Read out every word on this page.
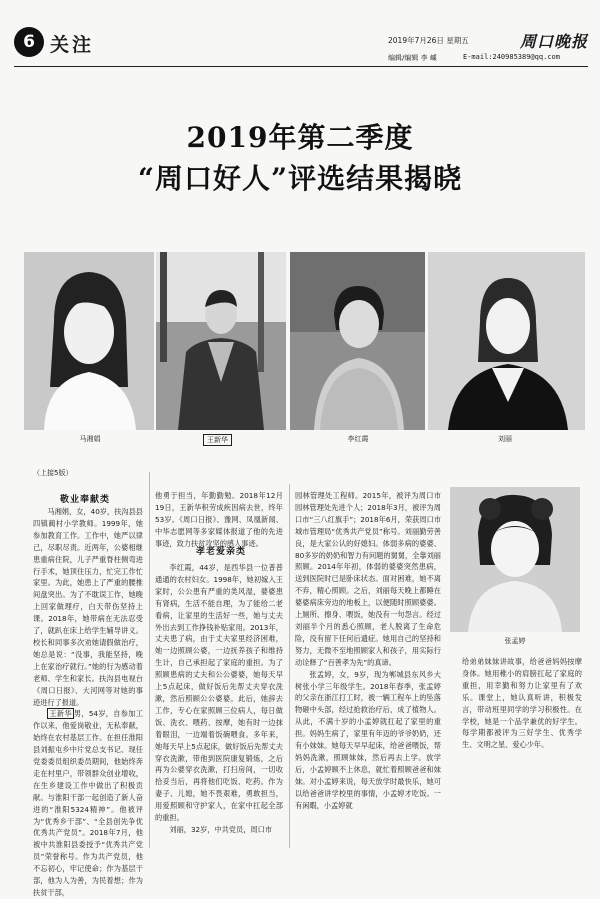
6 关注	2019年7月26日 星期五	周口晚报
编辑/编辑 李 嵊	E-mail:240985389@qq.com
2019年第二季度
“周口好人”评选结果揭晓
马湘娟	王新华	李红霞	刘丽
（上接5版）
敬业奉献类

马湘娟，女，40岁，扶沟县县四镇蔺村小学教师。1999年，她参加教育工作。工作中，她严以律己，尽职尽责。近两年，公婆相继患重病住院，儿子严重脊柱侧弯进行手术，她顶住压力，忙完工作忙家里。为此，她患上了严重的腰椎间盘突出。为了不耽误工作，她晚上回家做理疗，白天带伤坚持上课。2018年，她带病在无法忍受了，就趴在床上给学生辅导讲义。校长和同事多次劝她请假做治疗，她总是说：“没事，我能坚持，晚上在家治疗就行。”她的行为感动着老师、学生和家长。扶沟县电视台《周口日报》、大河网等对她的事迹进行了报道。

王新华 男，54岁，自参加工作以来，他爱岗敬业，无私奉献，始终在农村基层工作。在担任淮阳县刘振屯乡中片党总支书记、现任党委委员组织委员期间，他始终奔走在村里户，带领群众创业增收，在生乡建设工作中做出了积极贡献。与淮阳干部一起创造了新人奋进的“淮阳5324精神”。他被评为“优秀乡干部”、“全县创先争优优秀共产党员”。2018年7月，他被中共淮阳县委授予“优秀共产党员”荣誉称号。作为共产党员，他不忘初心，牢记使命；作为基层干部，他为人为善，为民着想；作为扶贫干部，

他勇于担当，年勤勤勉。2018年12月19日，王新华积劳成疾因病去世，终年53岁。《周口日报》、豫网、凤凰新闻、中华志愿网等多家媒体报道了他的先进事迹，致力扶贫攻坚的感人事迹。

孝老爱亲类

李红霞，44岁，是西华县一位普普通通的农村妇女。1998年，她初嫁入王家时，公公患有严重的类风湿，婆婆患有肾病，生活不能自理，为了能给二老看病，让家里的生活好一些，她与丈夫外出去到工作挣钱补贴家用。2013年，丈夫患了病，由于丈夫家里经济困难，她一边照顾公婆，一边抚养孩子和维持生计，自己承担起了家庭的重担。为了照顾患病的丈夫和公公婆婆，她每天早上5点起床，做好饭后先帮丈夫穿衣洗漱，然后照顾公公婆婆。此后，她辞去工作，专心在家照顾三位病人，每日做饭、洗衣、喂药、按摩，她有时一边抹着眼泪，一边端着饭碗喂食。多年来，她每天早上5点起床，做好饭后先帮丈夫穿衣洗漱，带他到医院康复锻炼，之后再为公婆穿衣洗漱，打扫房间，一切收拾妥当后，再将他们吃饭、吃药。作为妻子、儿媳，她不畏艰难，勇敢担当，用爱照顾和守护家人，在家中扛起全部的重担。

刘丽，32岁，中共党员，周口市

园林管理处工程师。2015年，被评为周口市园林管理处先进个人；2018年3月，被评为周口市“三八红旗手”；2018年6月，荣获周口市城市管理局“优秀共产党员”称号。刘丽勤劳善良，是大家公认的好媳妇。体弱多病的婆婆、80多岁的奶奶和智力有问题的舅舅，全靠刘丽照顾。2014年年初，体弱的婆婆突然患病，送到医院时已是卧床状态。面对困难，她不离不弃，精心照顾。之后，刘丽每天晚上都睡在婆婆病床旁边的地板上，以便随时照顾婆婆。上厕所、擦身、喂饭，她没有一句怨言。经过刘丽半个月的悉心照顾，老人脱离了生命危险，没有留下任何后遗症。她用自己的坚持和努力，无微不至地照顾家人和孩子，用实际行动诠释了“百善孝为先”的真谛。

张孟婷，女，9岁，现为郸城县东风乡大树张小学三年级学生。2018年春季，张孟婷的父亲在浙江打工时，被一辆工程车上的坠落物砸中头部，经过抢救治疗后，成了植物人。从此，不满十岁的小孟婷就扛起了家里的重担。妈妈生病了，家里有年迈的爷爷奶奶，还有小妹妹。她每天早早起床，给爸爸喂饭，帮妈妈洗漱，照顾妹妹，然后再去上学。放学后，小孟婷顾不上休息，就忙着照顾爸爸和妹妹。对小孟婷来说，每天放学时最快乐，她可以给爸爸讲学校里的事情，小孟婷才吃饭。一有闲暇，小孟婷就

张孟婷

给弟弟妹妹讲故事，给爸爸妈妈按摩身体。她用稚小的肩膀扛起了家庭的重担，用幸勤和努力让家里有了欢乐。课堂上，她认真听讲，积极发言，带动班里同学的学习积极性。在学校，她是一个品学兼优的好学生。每学期都被评为三好学生、优秀学生、文明之星、爱心少年。
